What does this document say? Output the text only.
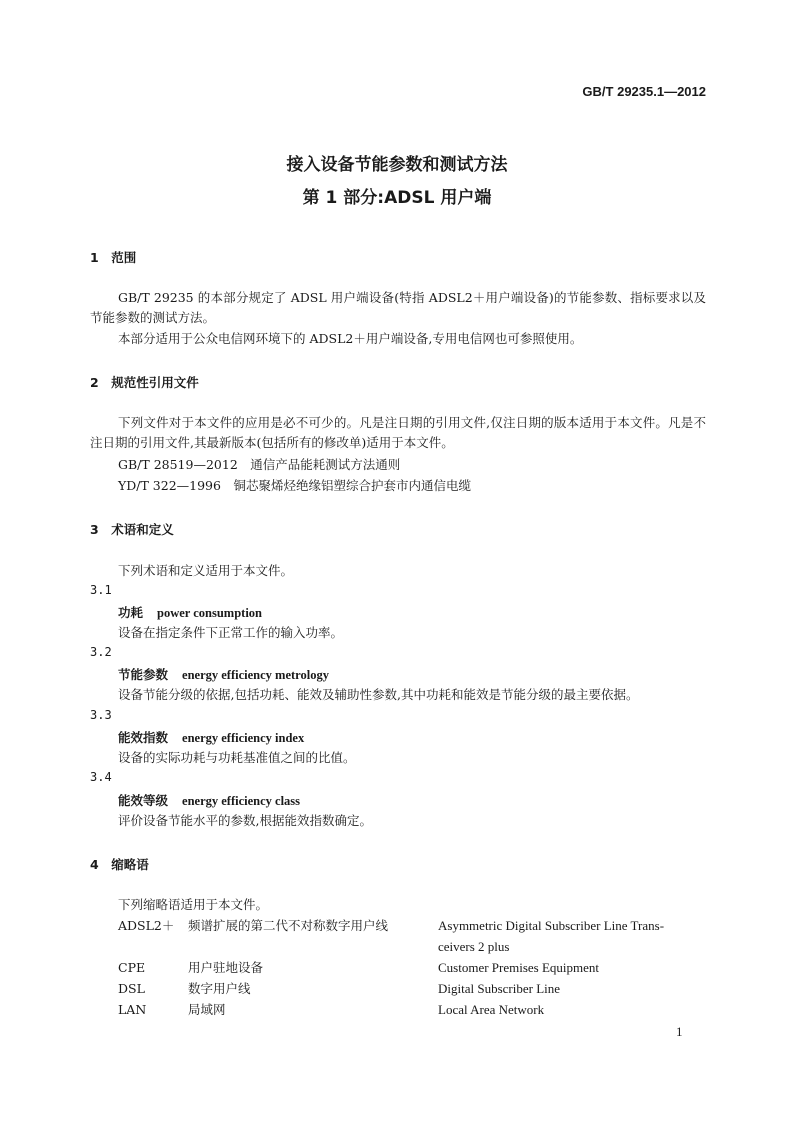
GB/T 29235.1—2012
接入设备节能参数和测试方法
第 1 部分:ADSL 用户端
1　范围
GB/T 29235 的本部分规定了 ADSL 用户端设备(特指 ADSL2＋用户端设备)的节能参数、指标要求以及节能参数的测试方法。
本部分适用于公众电信网环境下的 ADSL2＋用户端设备,专用电信网也可参照使用。
2　规范性引用文件
下列文件对于本文件的应用是必不可少的。凡是注日期的引用文件,仅注日期的版本适用于本文件。凡是不注日期的引用文件,其最新版本(包括所有的修改单)适用于本文件。
GB/T 28519—2012　通信产品能耗测试方法通则
YD/T 322—1996　铜芯聚烯烃绝缘铝塑综合护套市内通信电缆
3　术语和定义
下列术语和定义适用于本文件。
3.1
功耗 power consumption
设备在指定条件下正常工作的输入功率。
3.2
节能参数 energy efficiency metrology
设备节能分级的依据,包括功耗、能效及辅助性参数,其中功耗和能效是节能分级的最主要依据。
3.3
能效指数 energy efficiency index
设备的实际功耗与功耗基准值之间的比值。
3.4
能效等级 energy efficiency class
评价设备节能水平的参数,根据能效指数确定。
4　缩略语
下列缩略语适用于本文件。
ADSL2＋ 频谱扩展的第二代不对称数字用户线	Asymmetric Digital Subscriber Line Trans-
ceivers 2 plus
CPE	用户驻地设备	Customer Premises Equipment
DSL	数字用户线	Digital Subscriber Line
LAN	局域网	Local Area Network
1
